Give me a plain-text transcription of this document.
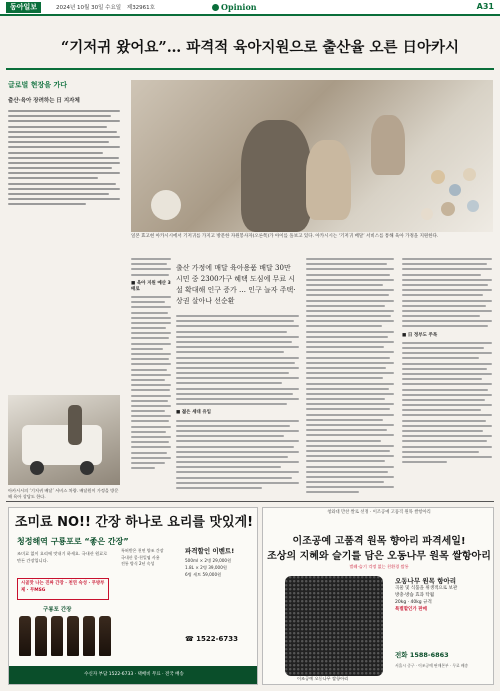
동아일보	2024년 10월 30일 수요일 제32961호	Opinion	A31
“기저귀 왔어요”… 파격적 육아지원으로 출산율 오른 日아카시
글로벌 현장을 가다
출산·육아 장려하는 日 지자체
일본 효고현 아카시시에서 기저귀를 가지고 방문한 자원봉사자(오른쪽)가 아이를 돌보고 있다. 아카시시는 ‘기저귀 배달’ 서비스를 통해 육아 가정을 지원한다.
■ 육아 지원 예산 3배로
출산 가정에 매달 육아용품 배달 30만 시민 중 2300가구 혜택 도심에 무료 시설 확대해 인구 증가 … 인구 늘자 주택·상권 살아나 선순환
■ 젊은 세대 유입
■ 日 정부도 주목
아카시시의 ‘기저귀 배달’ 서비스 차량. 배달원이 가정을 방문해 육아 상담도 한다.
조미료 NO!! 간장 하나로 요리를 맛있게!
청정해역 구룡포로 “좋은 간장”
조미료 없이 요리에 맛내기 하세요. 국내산 원료로 만든 간장입니다.
시골맛 나는 진짜 간장 · 천연 숙성 · 무방부제 · 무MSG
구룡포 간장
특허받은 천연 양조 간장
국내산 콩·천일염 사용
전통 방식 2년 숙성
파격할인 이벤트!
500ml × 2병 29,000원
1.8L × 2병 39,000원
6병 세트 59,000원
☎ 1522-6733
수신자 부담 1522-6733 · 택배비 무료 · 전국 배송
청와대 만찬 쌀로 선정 · 이조공예 고품격 원목 쌀항아리
이조공예 고품격 원목 향아리 파격세일!
조상의 지혜와 슬기를 담은 오동나무 원목 쌀항아리
벌레·습기 걱정 없는 친환경 쌀통
이조공예 오동나무 쌀항아리
오동나무 원목 항아리
곡물 및 식품을 위생적으로 보관
방충·방습 효과 탁월
20kg · 40kg 규격
특별할인가 판매
전화 1588-6863
서울시 중구 · 이조공예 판매본부 · 무료 배송
